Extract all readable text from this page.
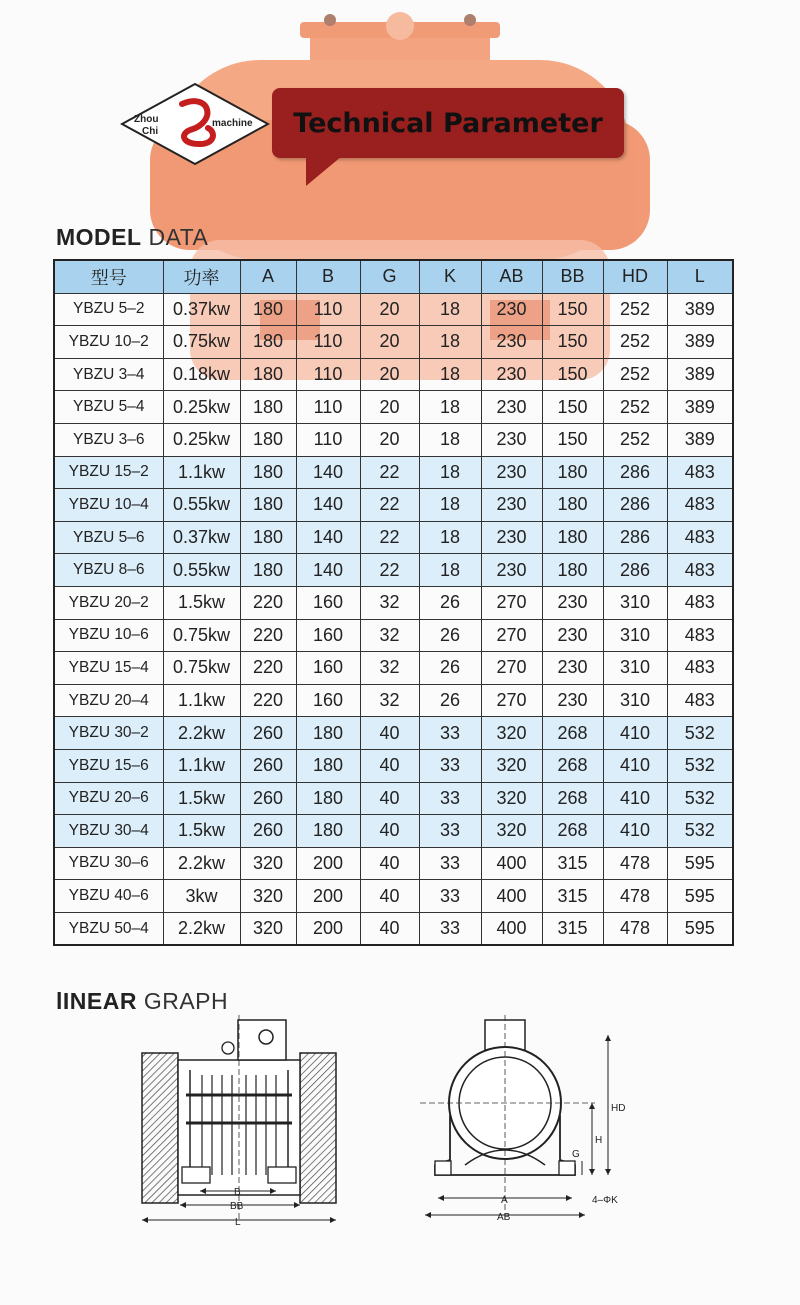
Zhou
Chi
machine	Technical Parameter
MODEL DATA
型号	功率	A	B	G	K	AB	BB	HD	L
YBZU 5–2	0.37kw	180	110	20	18	230	150	252	389
YBZU 10–2	0.75kw	180	110	20	18	230	150	252	389
YBZU 3–4	0.18kw	180	110	20	18	230	150	252	389
YBZU 5–4	0.25kw	180	110	20	18	230	150	252	389
YBZU 3–6	0.25kw	180	110	20	18	230	150	252	389
YBZU 15–2	1.1kw	180	140	22	18	230	180	286	483
YBZU 10–4	0.55kw	180	140	22	18	230	180	286	483
YBZU 5–6	0.37kw	180	140	22	18	230	180	286	483
YBZU 8–6	0.55kw	180	140	22	18	230	180	286	483
YBZU 20–2	1.5kw	220	160	32	26	270	230	310	483
YBZU 10–6	0.75kw	220	160	32	26	270	230	310	483
YBZU 15–4	0.75kw	220	160	32	26	270	230	310	483
YBZU 20–4	1.1kw	220	160	32	26	270	230	310	483
YBZU 30–2	2.2kw	260	180	40	33	320	268	410	532
YBZU 15–6	1.1kw	260	180	40	33	320	268	410	532
YBZU 20–6	1.5kw	260	180	40	33	320	268	410	532
YBZU 30–4	1.5kw	260	180	40	33	320	268	410	532
YBZU 30–6	2.2kw	320	200	40	33	400	315	478	595
YBZU 40–6	3kw	320	200	40	33	400	315	478	595
YBZU 50–4	2.2kw	320	200	40	33	400	315	478	595
lINEAR GRAPH
B
BB
L
HD
H
G
4–ΦK
A
AB
